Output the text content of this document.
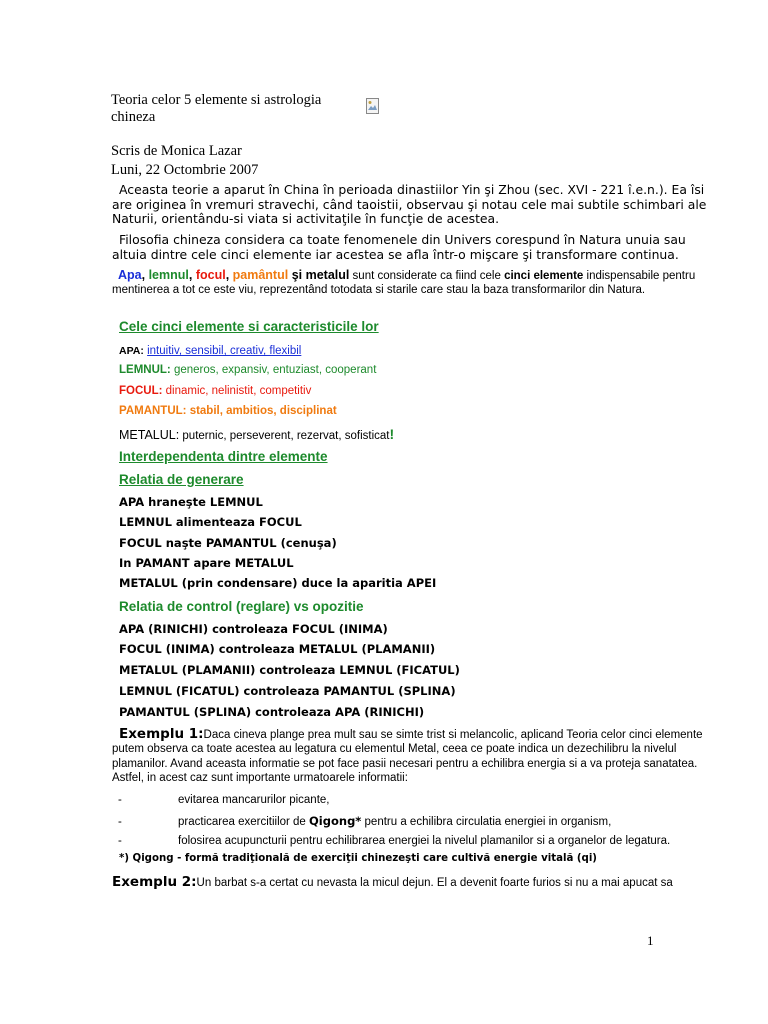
Teoria celor 5 elemente si astrologia chineza

Scris de Monica Lazar
Luni, 22 Octombrie 2007

Aceasta teorie a aparut în China în perioada dinastiilor Yin şi Zhou (sec. XVI - 221 î.e.n.). Ea îsi are originea în vremuri stravechi, când taoistii, observau şi notau cele mai subtile schimbari ale Naturii, orientându-si viata si activitaţile în funcţie de acestea.

Filosofia chineza considera ca toate fenomenele din Univers corespund în Natura unuia sau altuia dintre cele cinci elemente iar acestea se afla într-o mişcare şi transformare continua.

Apa, lemnul, focul, pamântul şi metalul sunt considerate ca fiind cele cinci elemente indispensabile pentru mentinerea a tot ce este viu, reprezentând totodata si starile care stau la baza transformarilor din Natura.

Cele cinci elemente si caracteristicile lor
APA: intuitiv, sensibil, creativ, flexibil
LEMNUL: generos, expansiv, entuziast, cooperant
FOCUL: dinamic, nelinistit, competitiv
PAMANTUL: stabil, ambitios, disciplinat
METALUL: puternic, perseverent, rezervat, sofisticat!
Interdependenta dintre elemente
Relatia de generare
APA hraneşte LEMNUL
LEMNUL alimenteaza FOCUL
FOCUL naşte PAMANTUL (cenuşa)
In PAMANT apare METALUL
METALUL (prin condensare) duce la aparitia APEI
Relatia de control (reglare) vs opozitie
APA (RINICHI) controleaza FOCUL (INIMA)
FOCUL (INIMA) controleaza METALUL (PLAMANII)
METALUL (PLAMANII) controleaza LEMNUL (FICATUL)
LEMNUL (FICATUL) controleaza PAMANTUL (SPLINA)
PAMANTUL (SPLINA) controleaza APA (RINICHI)

Exemplu 1:Daca cineva plange prea mult sau se simte trist si melancolic, aplicand Teoria celor cinci elemente putem observa ca toate acestea au legatura cu elementul Metal, ceea ce poate indica un dezechilibru la nivelul plamanilor. Avand aceasta informatie se pot face pasii necesari pentru a echilibra energia si a va proteja sanatatea. Astfel, in acest caz sunt importante urmatoarele informatii:

-	evitarea mancarurilor picante,
-	practicarea exercitiilor de Qigong* pentru a echilibra circulatia energiei in organism,
-	folosirea acupuncturii pentru echilibrarea energiei la nivelul plamanilor si a organelor de legatura.
*) Qigong - formă tradiţională de exerciţii chinezeşti care cultivă energie vitală (qi)

Exemplu 2:Un barbat s-a certat cu nevasta la micul dejun. El a devenit foarte furios si nu a mai apucat sa

1
